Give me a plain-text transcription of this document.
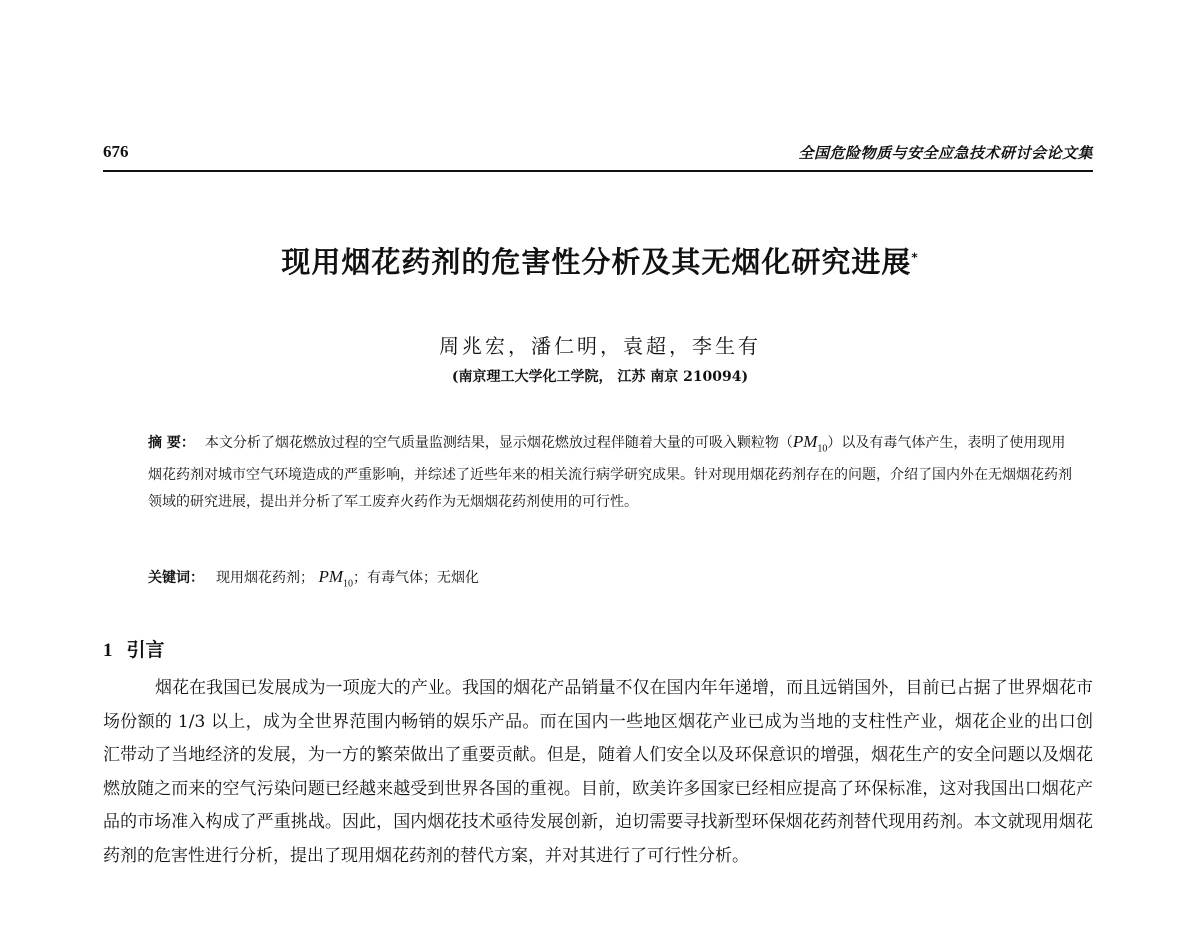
676	全国危险物质与安全应急技术研讨会论文集
现用烟花药剂的危害性分析及其无烟化研究进展*
周兆宏，潘仁明，袁超，李生有
(南京理工大学化工学院， 江苏 南京 210094)
摘 要： 本文分析了烟花燃放过程的空气质量监测结果，显示烟花燃放过程伴随着大量的可吸入颗粒物$(PM_{10})$以及有毒气体产生，表明了使用现用烟花药剂对城市空气环境造成的严重影响，并综述了近些年来的相关流行病学研究成果。针对现用烟花药剂存在的问题，介绍了国内外在无烟烟花药剂领域的研究进展，提出并分析了军工废弃火药作为无烟烟花药剂使用的可行性。
关键词： 现用烟花药剂； $PM_{10}$；有毒气体；无烟化
1 引言

烟花在我国已发展成为一项庞大的产业。我国的烟花产品销量不仅在国内年年递增，而且远销国外，目前已占据了世界烟花市场份额的 1/3 以上，成为全世界范围内畅销的娱乐产品。而在国内一些地区烟花产业已成为当地的支柱性产业，烟花企业的出口创汇带动了当地经济的发展，为一方的繁荣做出了重要贡献。但是，随着人们安全以及环保意识的增强，烟花生产的安全问题以及烟花燃放随之而来的空气污染问题已经越来越受到世界各国的重视。目前，欧美许多国家已经相应提高了环保标准，这对我国出口烟花产品的市场准入构成了严重挑战。因此，国内烟花技术亟待发展创新，迫切需要寻找新型环保烟花药剂替代现用药剂。本文就现用烟花药剂的危害性进行分析，提出了现用烟花药剂的替代方案，并对其进行了可行性分析。
